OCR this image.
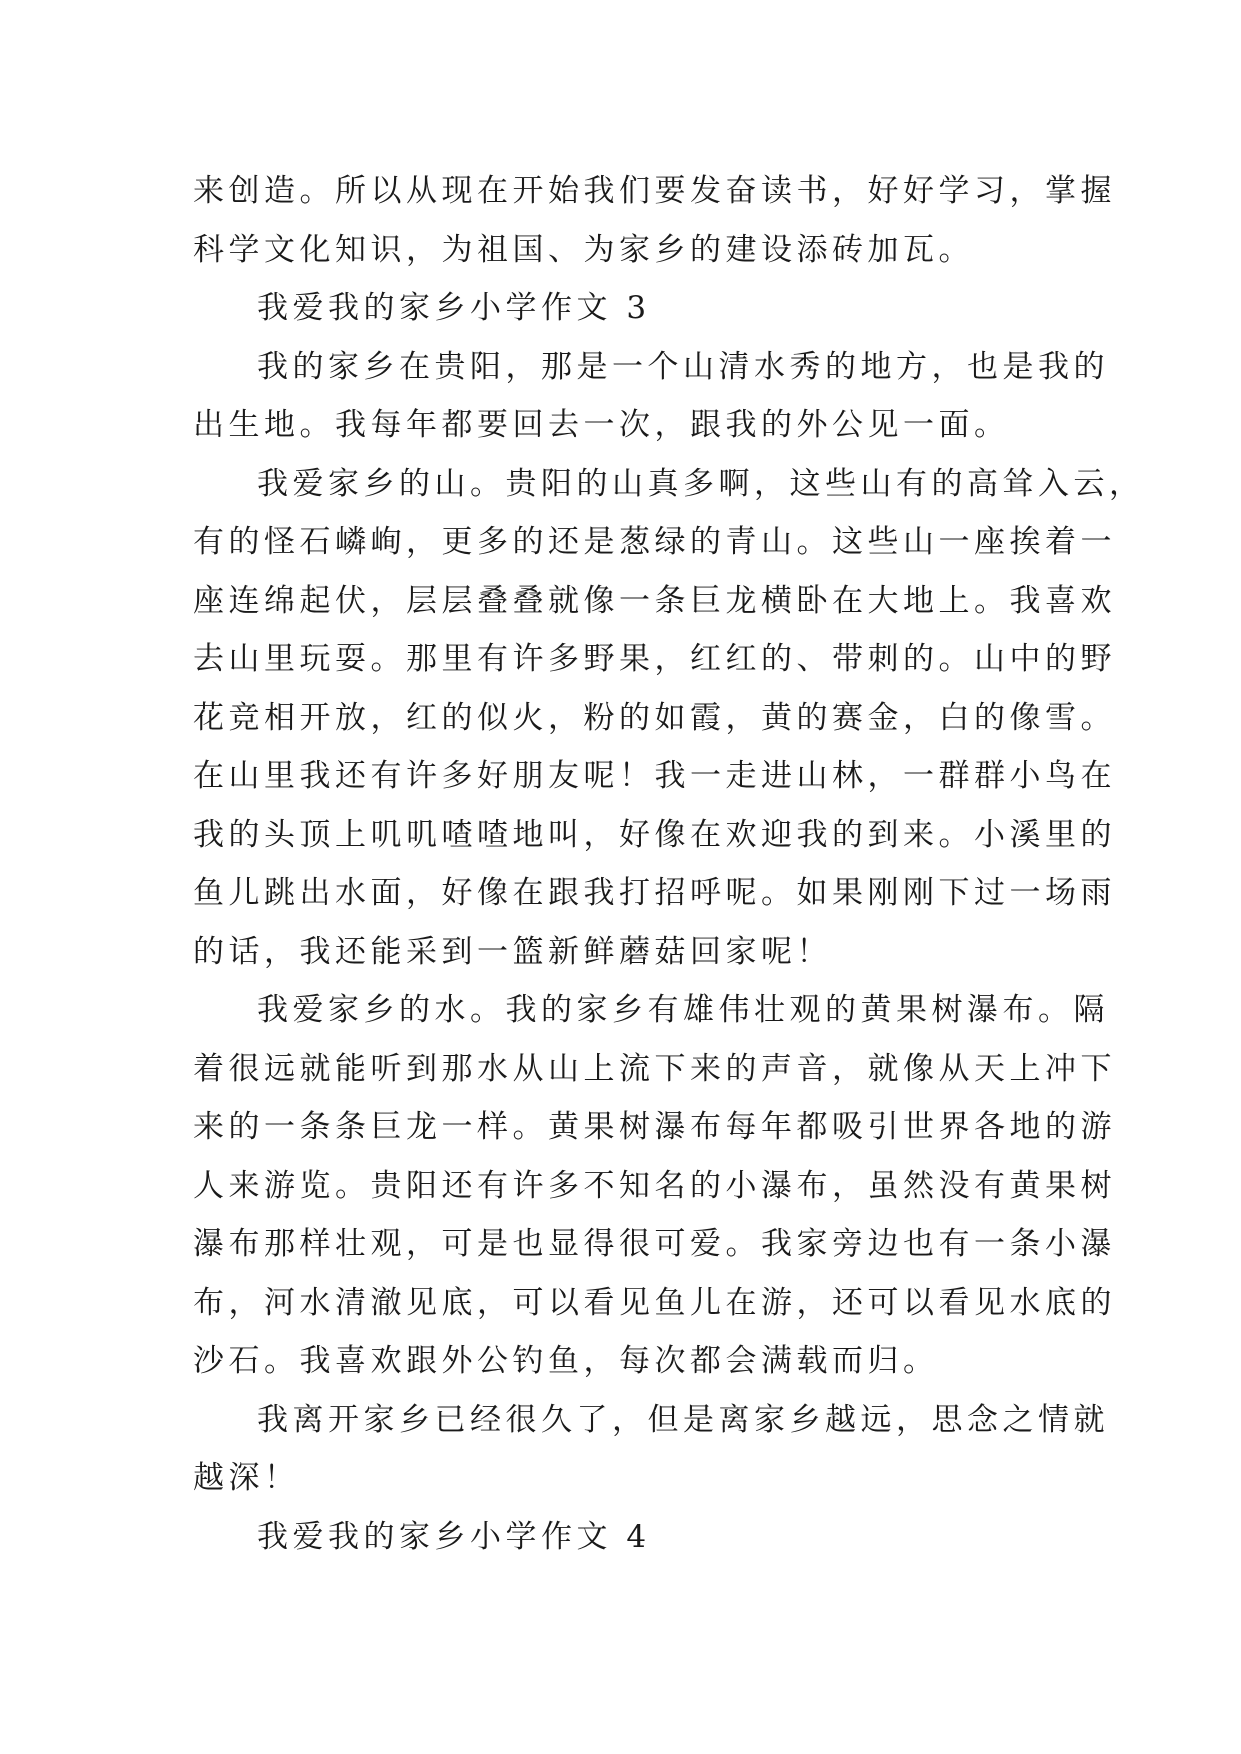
来创造。所以从现在开始我们要发奋读书，好好学习，掌握
科学文化知识，为祖国、为家乡的建设添砖加瓦。
我爱我的家乡小学作文 3
我的家乡在贵阳，那是一个山清水秀的地方，也是我的
出生地。我每年都要回去一次，跟我的外公见一面。
我爱家乡的山。贵阳的山真多啊，这些山有的高耸入云，
有的怪石嶙峋，更多的还是葱绿的青山。这些山一座挨着一
座连绵起伏，层层叠叠就像一条巨龙横卧在大地上。我喜欢
去山里玩耍。那里有许多野果，红红的、带刺的。山中的野
花竞相开放，红的似火，粉的如霞，黄的赛金，白的像雪。
在山里我还有许多好朋友呢！我一走进山林，一群群小鸟在
我的头顶上叽叽喳喳地叫，好像在欢迎我的到来。小溪里的
鱼儿跳出水面，好像在跟我打招呼呢。如果刚刚下过一场雨
的话，我还能采到一篮新鲜蘑菇回家呢！
我爱家乡的水。我的家乡有雄伟壮观的黄果树瀑布。隔
着很远就能听到那水从山上流下来的声音，就像从天上冲下
来的一条条巨龙一样。黄果树瀑布每年都吸引世界各地的游
人来游览。贵阳还有许多不知名的小瀑布，虽然没有黄果树
瀑布那样壮观，可是也显得很可爱。我家旁边也有一条小瀑
布，河水清澈见底，可以看见鱼儿在游，还可以看见水底的
沙石。我喜欢跟外公钓鱼，每次都会满载而归。
我离开家乡已经很久了，但是离家乡越远，思念之情就
越深！
我爱我的家乡小学作文 4
